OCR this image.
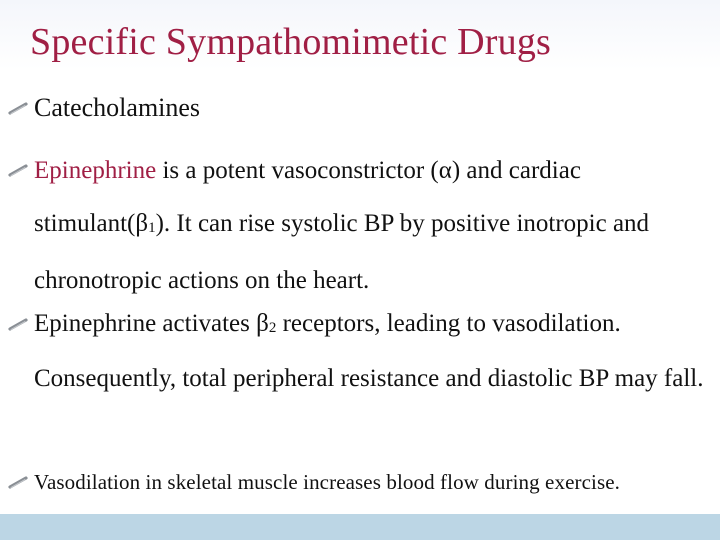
Specific Sympathomimetic Drugs
Catecholamines
Epinephrine is a potent vasoconstrictor (α) and cardiac $stimulant(\beta_1)$. It can rise systolic BP by positive inotropic and chronotropic actions on the heart.
Epinephrine activates $\beta_2$ receptors, leading to vasodilation. Consequently, total peripheral resistance and diastolic BP may fall.
Vasodilation in skeletal muscle increases blood flow during exercise.
